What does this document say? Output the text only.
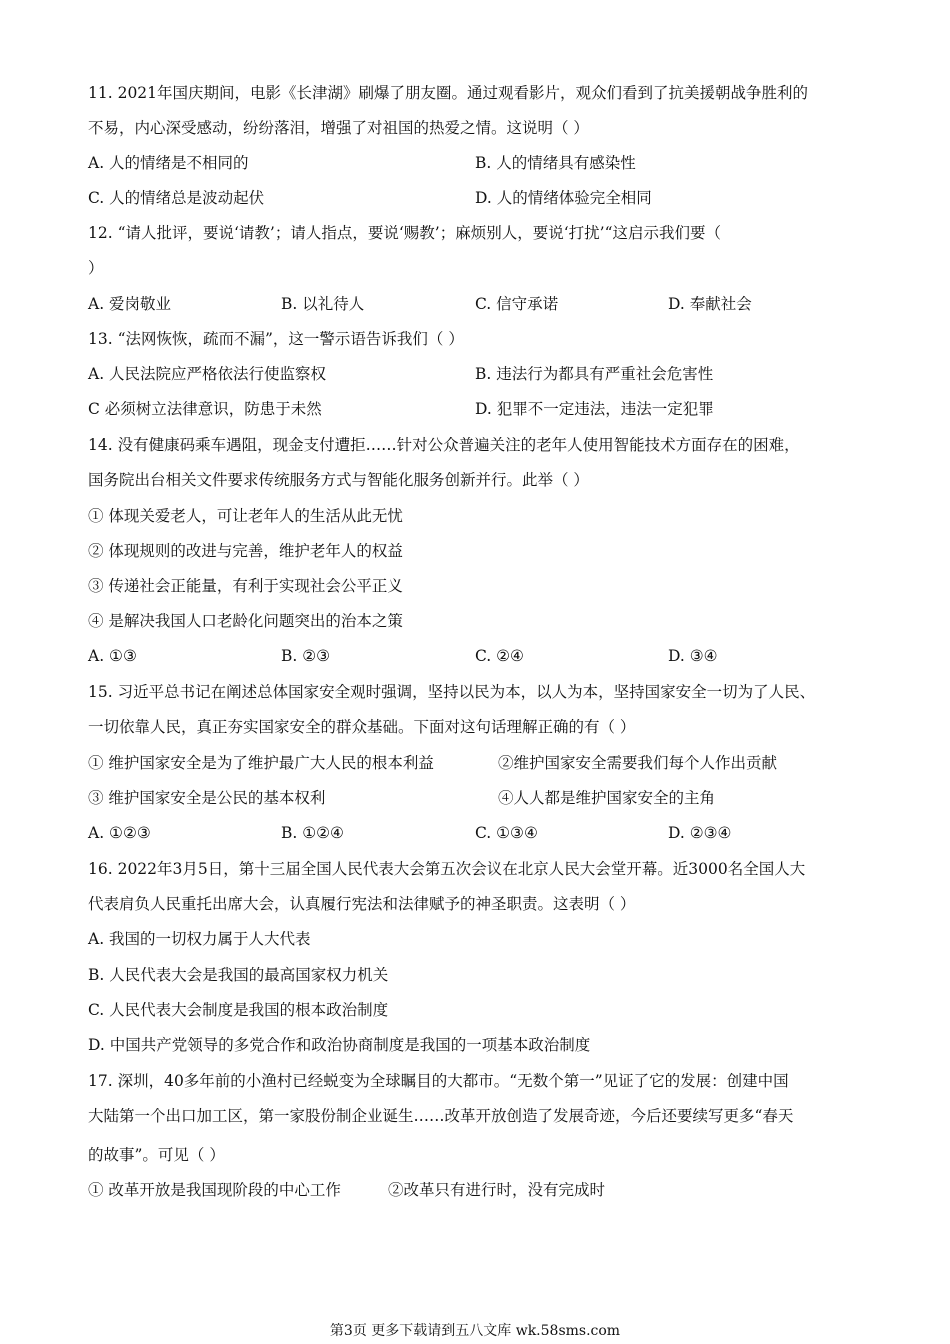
11. 2021年国庆期间，电影《长津湖》刷爆了朋友圈。通过观看影片，观众们看到了抗美援朝战争胜利的
不易，内心深受感动，纷纷落泪，增强了对祖国的热爱之情。这说明（ ）
A. 人的情绪是不相同的	B. 人的情绪具有感染性
C. 人的情绪总是波动起伏	D. 人的情绪体验完全相同
12. “请人批评，要说‘请教’；请人指点，要说‘赐教’；麻烦别人，要说‘打扰’“这启示我们要（
）
A. 爱岗敬业	B. 以礼待人	C. 信守承诺	D. 奉献社会
13. “法网恢恢，疏而不漏”，这一警示语告诉我们（ ）
A. 人民法院应严格依法行使监察权	B. 违法行为都具有严重社会危害性
C 必须树立法律意识，防患于未然	D. 犯罪不一定违法，违法一定犯罪
14. 没有健康码乘车遇阻，现金支付遭拒……针对公众普遍关注的老年人使用智能技术方面存在的困难，
国务院出台相关文件要求传统服务方式与智能化服务创新并行。此举（ ）
① 体现关爱老人，可让老年人的生活从此无忧
② 体现规则的改进与完善，维护老年人的权益
③ 传递社会正能量，有利于实现社会公平正义
④ 是解决我国人口老龄化问题突出的治本之策
A. ①③	B. ②③	C. ②④	D. ③④
15. 习近平总书记在阐述总体国家安全观时强调，坚持以民为本，以人为本，坚持国家安全一切为了人民、
一切依靠人民，真正夯实国家安全的群众基础。下面对这句话理解正确的有（ ）
① 维护国家安全是为了维护最广大人民的根本利益	②维护国家安全需要我们每个人作出贡献
③ 维护国家安全是公民的基本权利	④人人都是维护国家安全的主角
A. ①②③	B. ①②④	C. ①③④	D. ②③④
16. 2022年3月5日，第十三届全国人民代表大会第五次会议在北京人民大会堂开幕。近3000名全国人大
代表肩负人民重托出席大会，认真履行宪法和法律赋予的神圣职责。这表明（ ）
A. 我国的一切权力属于人大代表
B. 人民代表大会是我国的最高国家权力机关
C. 人民代表大会制度是我国的根本政治制度
D. 中国共产党领导的多党合作和政治协商制度是我国的一项基本政治制度
17. 深圳，40多年前的小渔村已经蜕变为全球瞩目的大都市。“无数个第一”见证了它的发展：创建中国
大陆第一个出口加工区，第一家股份制企业诞生……改革开放创造了发展奇迹，今后还要续写更多“春天
的故事”。可见（ ）
① 改革开放是我国现阶段的中心工作	②改革只有进行时，没有完成时
第3页 更多下载请到五八文库 wk.58sms.com
